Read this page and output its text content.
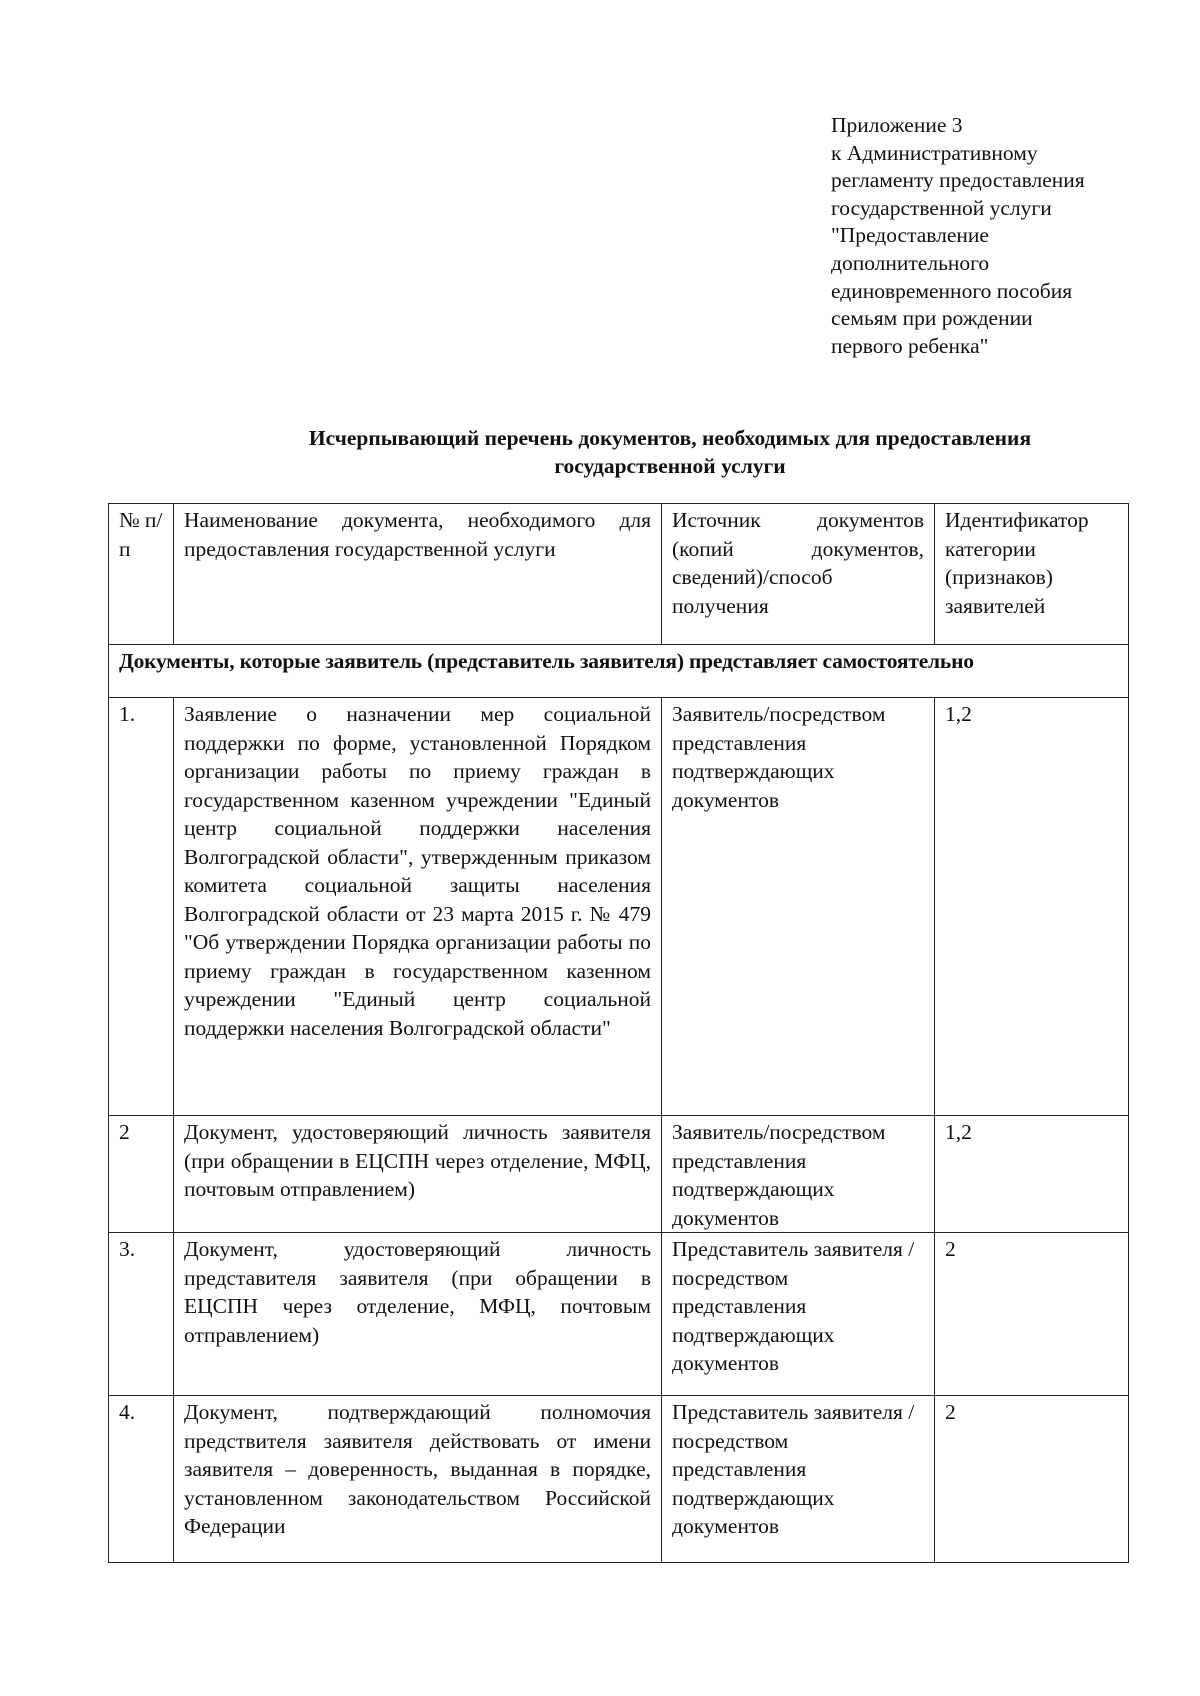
Приложение 3
к Административному
регламенту предоставления
государственной услуги
"Предоставление
дополнительного
единовременного пособия
семьям при рождении
первого ребенка"
Исчерпывающий перечень документов, необходимых для предоставления
государственной услуги
№ п/п	Наименование документа, необходимого для предоставления государственной услуги	Источник документов (копий документов, сведений)/способ получения	Идентификатор категории (признаков) заявителей
Документы, которые заявитель (представитель заявителя) представляет самостоятельно			
1.	Заявление о назначении мер социальной поддержки по форме, установленной Порядком организации работы по приему граждан в государственном казенном учреждении "Единый центр социальной поддержки населения Волгоградской области", утвержденным приказом комитета социальной защиты населения Волгоградской области от 23 марта 2015 г. № 479 "Об утверждении Порядка организации работы по приему граждан в государственном казенном учреждении "Единый центр социальной поддержки населения Волгоградской области"	Заявитель/посредством представления подтверждающих документов	1,2
2	Документ, удостоверяющий личность заявителя (при обращении в ЕЦСПН через отделение, МФЦ, почтовым отправлением)	Заявитель/посредством представления подтверждающих документов	1,2
3.	Документ, удостоверяющий личность представителя заявителя (при обращении в ЕЦСПН через отделение, МФЦ, почтовым отправлением)	Представитель заявителя /посредством представления подтверждающих документов	2
4.	Документ, подтверждающий полномочия предствителя заявителя действовать от имени заявителя – доверенность, выданная в порядке, установленном законодательством Российской Федерации	Представитель заявителя /посредством представления подтверждающих документов	2
